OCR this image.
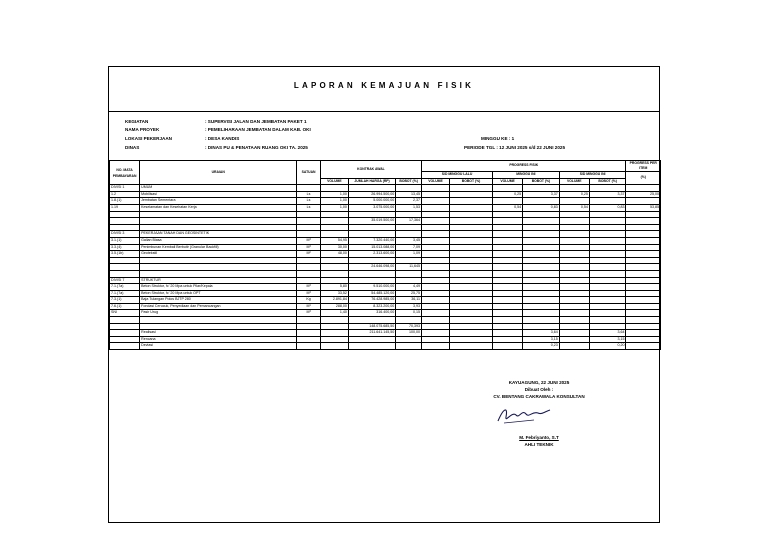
LAPORAN KEMAJUAN FISIK
KEGIATAN	: SUPERVISI JALAN DAN JEMBATAN PAKET 1
NAMA PROYEK	: PEMELIHARAAN JEMBATAN DALAM KAB. OKI
LOKASI PEKERJAAN	: DESA KANDIS
DINAS	: DINAS PU & PENATAAN RUANG OKI TA. 2025
MINGGU KE : 1
PERIODE TGL : 12 JUNI 2025 s/d 22 JUNI 2025
NO. MATA PEMBAYARAN	URAIAN	SATUAN	KONTRAK AWAL			PROGRESS FISIK						PROGRESS PER ITEM
						S/D MINGGU LALU		MINGGU INI		S/D MINGGU INI		(%)
			VOLUME	JUMLAH HARGA (RP)	BOBOT (%)	VOLUME	BOBOT (%)	VOLUME	BOBOT (%)	VOLUME	BOBOT (%)	
DIVISI 1	UMUM											
1.2	Mobilisasi	Ls	1,00	26.994.500,00	13,45			0,25	3,37	0,25	3,37	25,00
1.8.(1)	Jembatan Sementara	Ls	1,00	5.000.000,00	2,37							
1.19	Keselamatan dan Kesehatan Kerja	Ls	1,00	3.075.000,00	1,53			0,54	0,83	0,54	0,83	53,85

				35.019.500,00	17,364							

DIVISI 3	PEKERJAAN TANAH DAN GEOSINTETIK											
3.1.(1)	Galian Biasa	M³	54,95	7.320.440,00	3,45							
3.3.(4)	Penimbunan Kembali Berbutir (Granular Backfill)	M³	30,00	15.013.088,00	7,09							
3.5.(1b)	Geotekstil	M²	48,00	2.313.600,00	1,09							

				24.646.098,00	11,645							

DIVISI 7	STRUKTUR											
7.1.(7a)	Beton Struktur, fc' 20 Mpa untuk Pilar/Kepala	M³	5,80	9.510.000,00	4,49							
7.1.(7a)	Beton Struktur, fc' 20 Mpa untuk OPT	M³	33,52	54.485.120,00	25,75							
7.3.(1)	Baja Tulangan Polos BJTP 280	Kg	2.891,84	76.428.985,00	36,11							
7.6.(1)	Fondasi Cerucuk, Penyediaan dan Pemancangan	M¹	288,00	8.323.200,00	3,93							
SNI	Pasir Urug	M³	1,40	316.400,00	0,15							

				148.075.685,50	70,393							
	Realisasi			211.641.145,50	100,00				3,64		3,64	
	Rencana								3,15		3,15	
	Deviasi								0,23		0,20	
KAYUAGUNG, 22 JUNI 2025
Dibuat Oleh :
CV. BENTANG CAKRAWALA KONSULTAN
M. Febriyanto, S.T
AHLI TEKNIK
